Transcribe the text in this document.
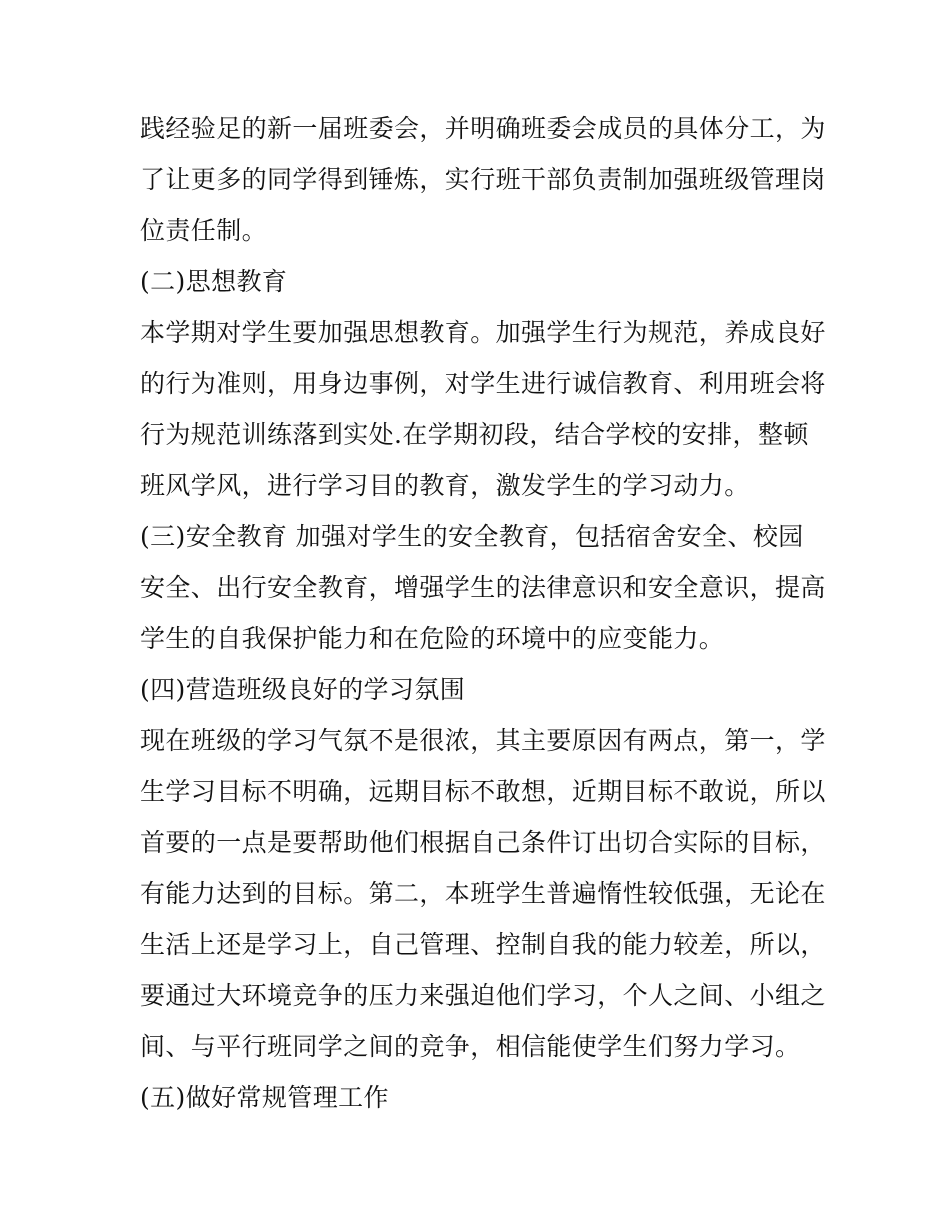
践经验足的新一届班委会，并明确班委会成员的具体分工，为
了让更多的同学得到锤炼，实行班干部负责制加强班级管理岗
位责任制。
(二)思想教育
本学期对学生要加强思想教育。加强学生行为规范，养成良好
的行为准则，用身边事例，对学生进行诚信教育、利用班会将
行为规范训练落到实处.在学期初段，结合学校的安排，整顿
班风学风，进行学习目的教育，激发学生的学习动力。
(三)安全教育 加强对学生的安全教育，包括宿舍安全、校园
安全、出行安全教育，增强学生的法律意识和安全意识，提高
学生的自我保护能力和在危险的环境中的应变能力。
(四)营造班级良好的学习氛围
现在班级的学习气氛不是很浓，其主要原因有两点，第一，学
生学习目标不明确，远期目标不敢想，近期目标不敢说，所以
首要的一点是要帮助他们根据自己条件订出切合实际的目标，
有能力达到的目标。第二，本班学生普遍惰性较低强，无论在
生活上还是学习上，自己管理、控制自我的能力较差，所以，
要通过大环境竞争的压力来强迫他们学习，个人之间、小组之
间、与平行班同学之间的竞争，相信能使学生们努力学习。
(五)做好常规管理工作
